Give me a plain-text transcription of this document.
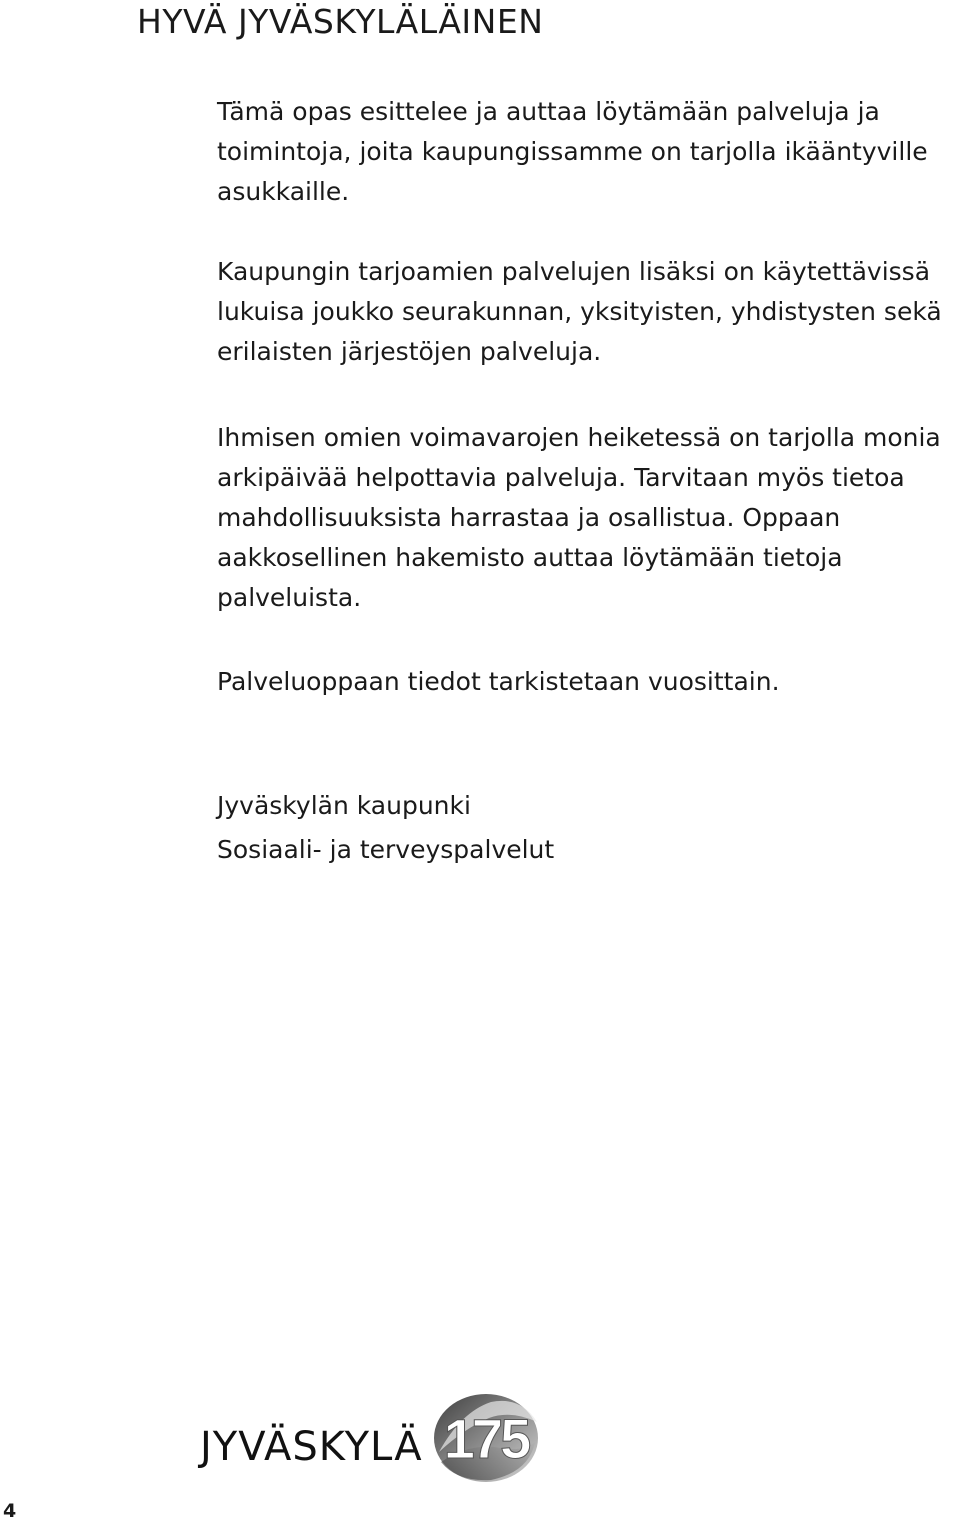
HYVÄ JYVÄSKYLÄLÄINEN

Tämä opas esittelee ja auttaa löytämään palveluja ja toimintoja, joita kaupungissamme on tarjolla ikääntyville asukkaille.

Kaupungin tarjoamien palvelujen lisäksi on käytettävissä lukuisa joukko seurakunnan, yksityisten, yhdistysten sekä erilaisten järjestöjen palveluja.

Ihmisen omien voimavarojen heiketessä on tarjolla monia arkipäivää helpottavia palveluja. Tarvitaan myös tietoa mahdollisuuksista harrastaa ja osallistua. Oppaan aakkosellinen hakemisto auttaa löytämään tietoja palveluista.

Palveluoppaan tiedot tarkistetaan vuosittain.

Jyväskylän kaupunki
Sosiaali- ja terveyspalvelut

JYVÄSKYLÄ 175
4
